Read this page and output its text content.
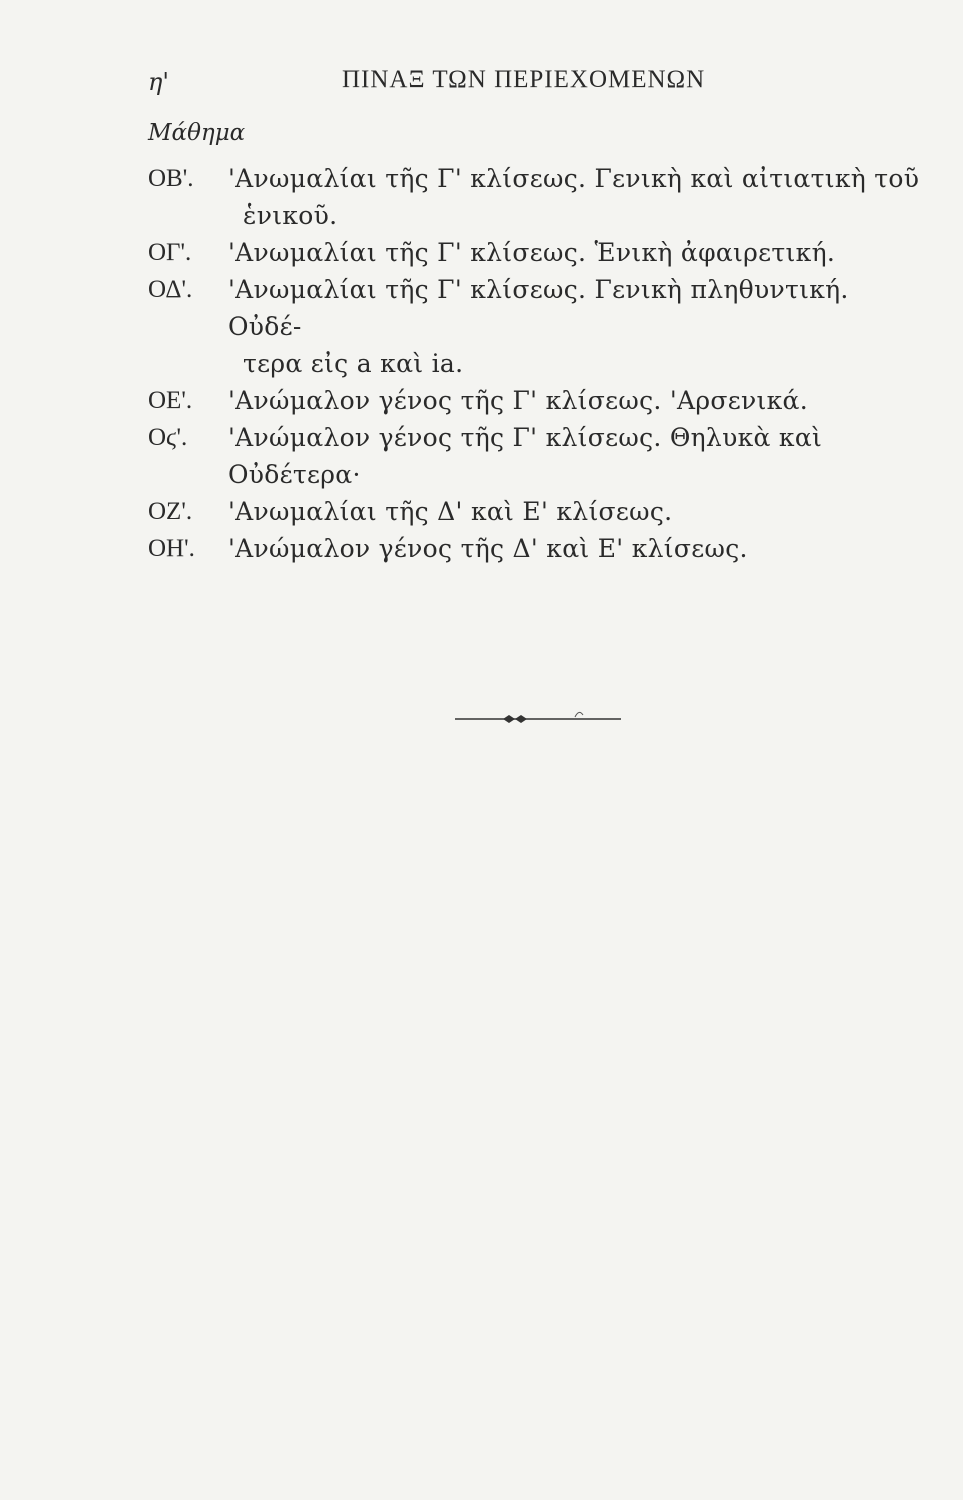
η'	ΠΙΝΑΞ ΤΩΝ ΠΕΡΙΕΧΟΜΕΝΩΝ
Μάθημα
ΟΒ'.	'Ανωμαλίαι τῆς Γ' κλίσεως. Γενικὴ καὶ αἰτιατικὴ τοῦ
ἑνικοῦ.
ΟΓ'.	'Ανωμαλίαι τῆς Γ' κλίσεως. Ἑνικὴ ἀφαιρετική.
ΟΔ'.	'Ανωμαλίαι τῆς Γ' κλίσεως. Γενικὴ πληθυντική. Οὐδέ-
τερα εἰς a καὶ ia.
ΟΕ'.	'Ανώμαλον γένος τῆς Γ' κλίσεως. 'Αρσενικά.
Οϛ'.	'Ανώμαλον γένος τῆς Γ' κλίσεως. Θηλυκὰ καὶ Οὐδέτερα·
ΟΖ'.	'Ανωμαλίαι τῆς Δ' καὶ Ε' κλίσεως.
ΟΗ'.	'Ανώμαλον γένος τῆς Δ' καὶ Ε' κλίσεως.
